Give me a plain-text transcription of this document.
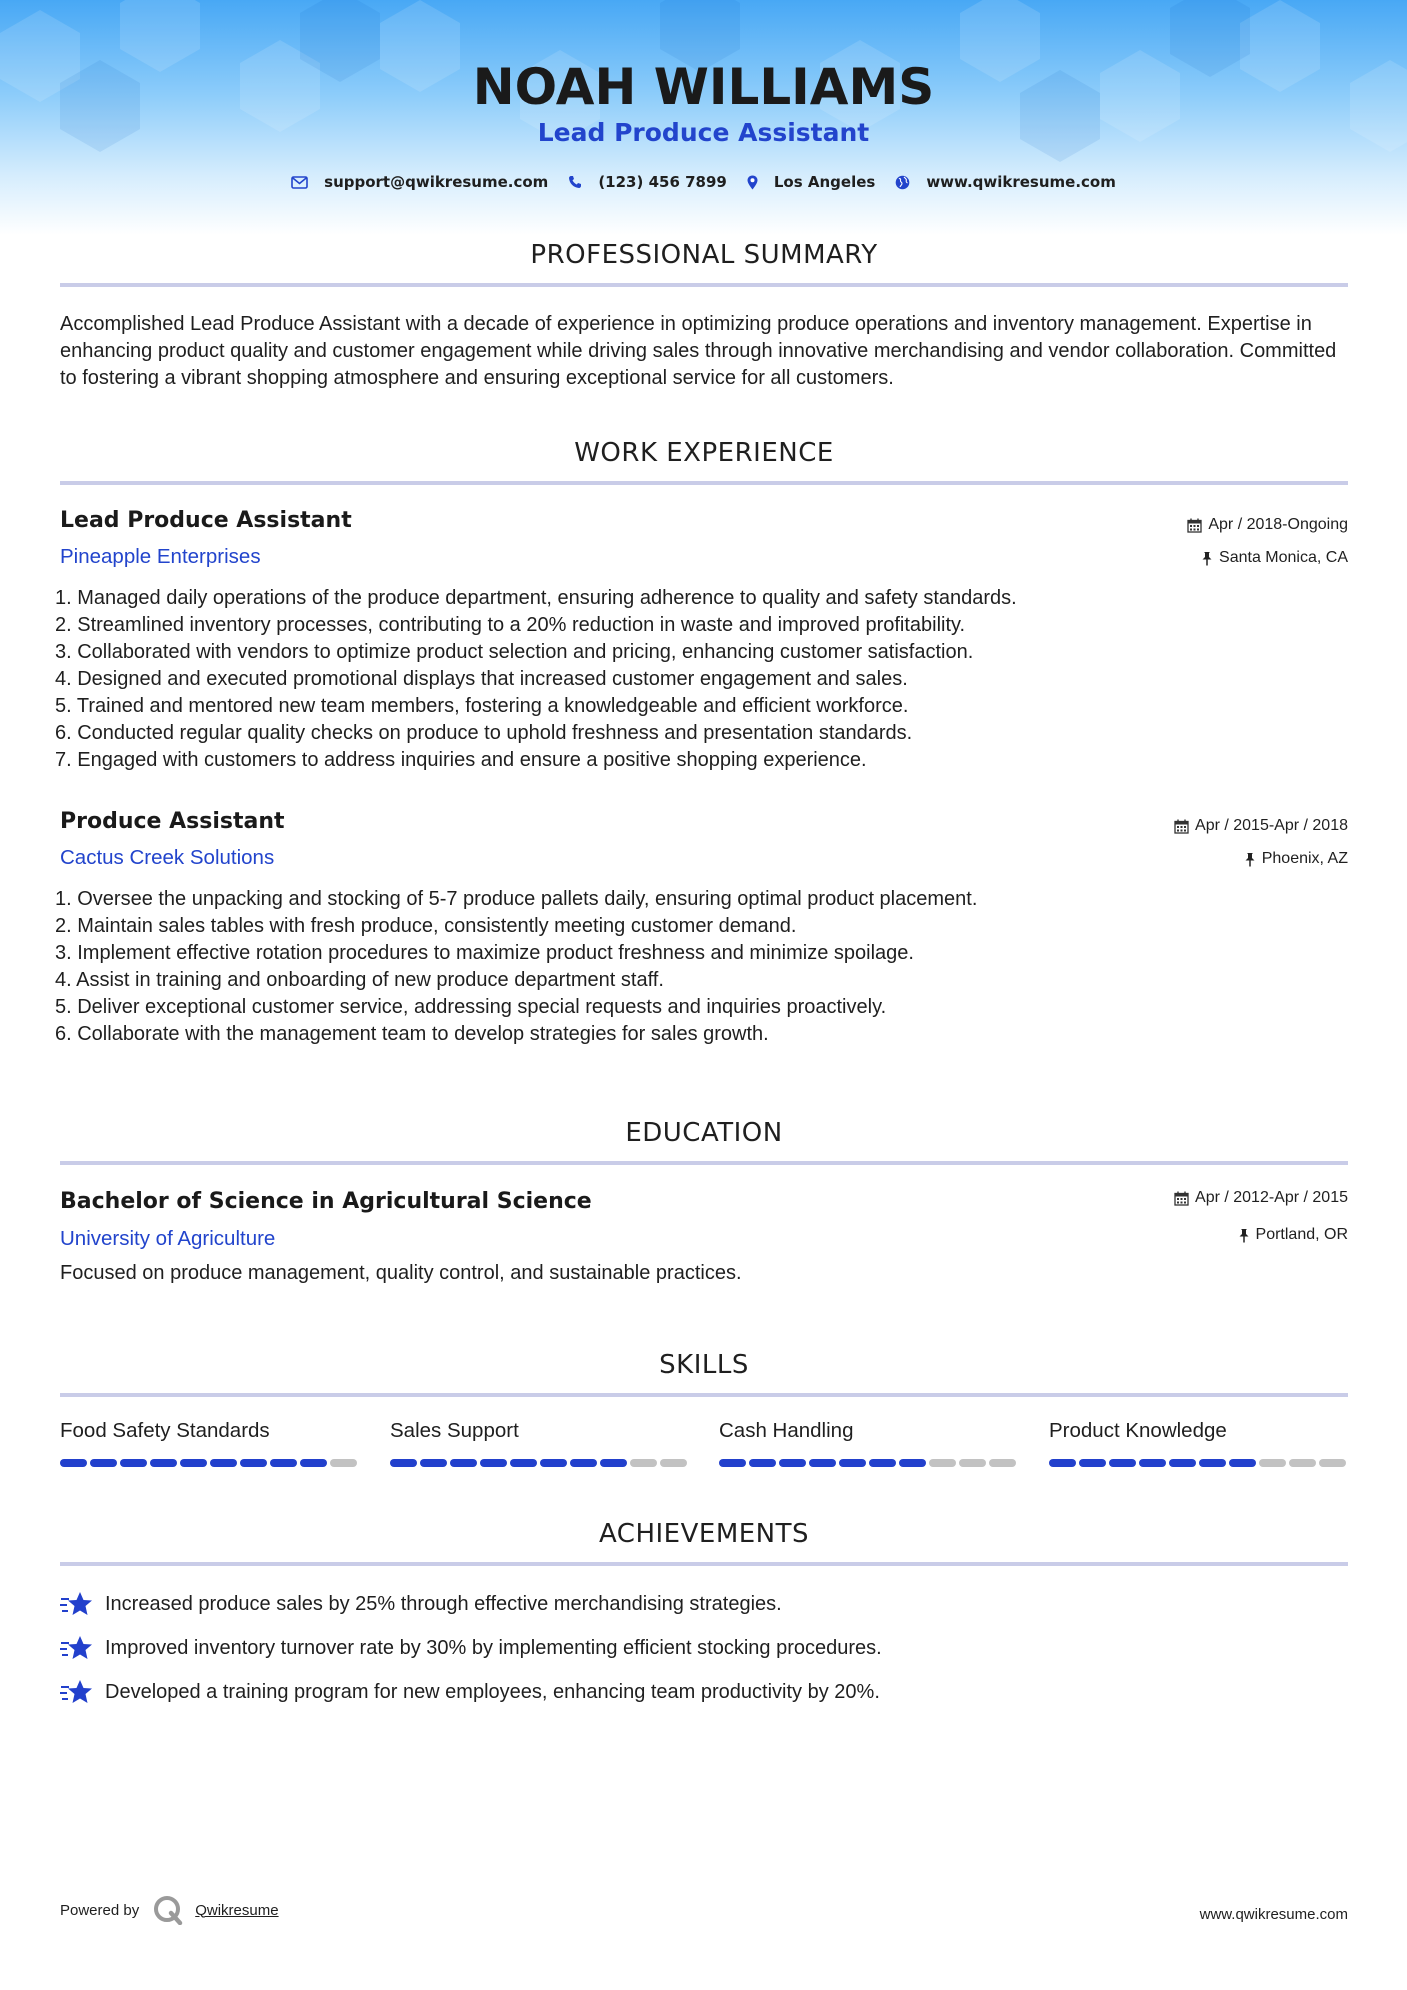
NOAH WILLIAMS
Lead Produce Assistant
support@qwikresume.com	(123) 456 7899	Los Angeles	www.qwikresume.com
PROFESSIONAL SUMMARY

Accomplished Lead Produce Assistant with a decade of experience in optimizing produce operations and inventory management. Expertise in enhancing product quality and customer engagement while driving sales through innovative merchandising and vendor collaboration. Committed to fostering a vibrant shopping atmosphere and ensuring exceptional service for all customers.

WORK EXPERIENCE
Lead Produce Assistant
Pineapple Enterprises
Apr / 2018-Ongoing
Santa Monica, CA
1. Managed daily operations of the produce department, ensuring adherence to quality and safety standards.
2. Streamlined inventory processes, contributing to a 20% reduction in waste and improved profitability.
3. Collaborated with vendors to optimize product selection and pricing, enhancing customer satisfaction.
4. Designed and executed promotional displays that increased customer engagement and sales.
5. Trained and mentored new team members, fostering a knowledgeable and efficient workforce.
6. Conducted regular quality checks on produce to uphold freshness and presentation standards.
7. Engaged with customers to address inquiries and ensure a positive shopping experience.
Produce Assistant
Cactus Creek Solutions
Apr / 2015-Apr / 2018
Phoenix, AZ
1. Oversee the unpacking and stocking of 5-7 produce pallets daily, ensuring optimal product placement.
2. Maintain sales tables with fresh produce, consistently meeting customer demand.
3. Implement effective rotation procedures to maximize product freshness and minimize spoilage.
4. Assist in training and onboarding of new produce department staff.
5. Deliver exceptional customer service, addressing special requests and inquiries proactively.
6. Collaborate with the management team to develop strategies for sales growth.
EDUCATION
Bachelor of Science in Agricultural Science
University of Agriculture
Apr / 2012-Apr / 2015
Portland, OR
Focused on produce management, quality control, and sustainable practices.
SKILLS
Food Safety Standards	Sales Support	Cash Handling	Product Knowledge
ACHIEVEMENTS
Increased produce sales by 25% through effective merchandising strategies.
Improved inventory turnover rate by 30% by implementing efficient stocking procedures.
Developed a training program for new employees, enhancing team productivity by 20%.
Powered by	Qwikresume	www.qwikresume.com
